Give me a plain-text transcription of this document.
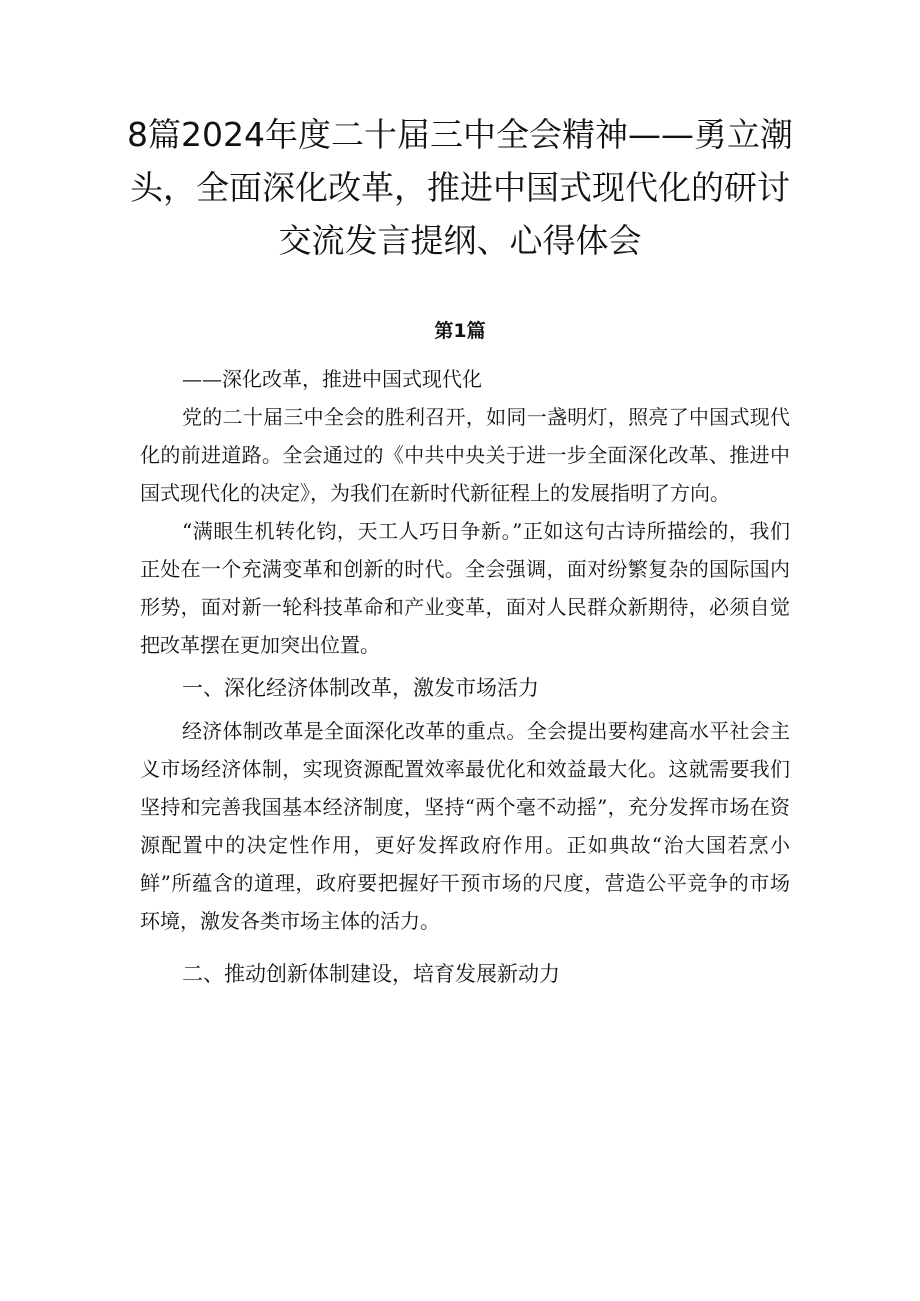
8篇2024年度二十届三中全会精神——勇立潮头，全面深化改革，推进中国式现代化的研讨交流发言提纲、心得体会
第1篇

——深化改革，推进中国式现代化

党的二十届三中全会的胜利召开，如同一盏明灯，照亮了中国式现代化的前进道路。全会通过的《中共中央关于进一步全面深化改革、推进中国式现代化的决定》，为我们在新时代新征程上的发展指明了方向。

“满眼生机转化钧，天工人巧日争新。”正如这句古诗所描绘的，我们正处在一个充满变革和创新的时代。全会强调，面对纷繁复杂的国际国内形势，面对新一轮科技革命和产业变革，面对人民群众新期待，必须自觉把改革摆在更加突出位置。

一、深化经济体制改革，激发市场活力

经济体制改革是全面深化改革的重点。全会提出要构建高水平社会主义市场经济体制，实现资源配置效率最优化和效益最大化。这就需要我们坚持和完善我国基本经济制度，坚持“两个毫不动摇”，充分发挥市场在资源配置中的决定性作用，更好发挥政府作用。正如典故“治大国若烹小鲜”所蕴含的道理，政府要把握好干预市场的尺度，营造公平竞争的市场环境，激发各类市场主体的活力。

二、推动创新体制建设，培育发展新动力
